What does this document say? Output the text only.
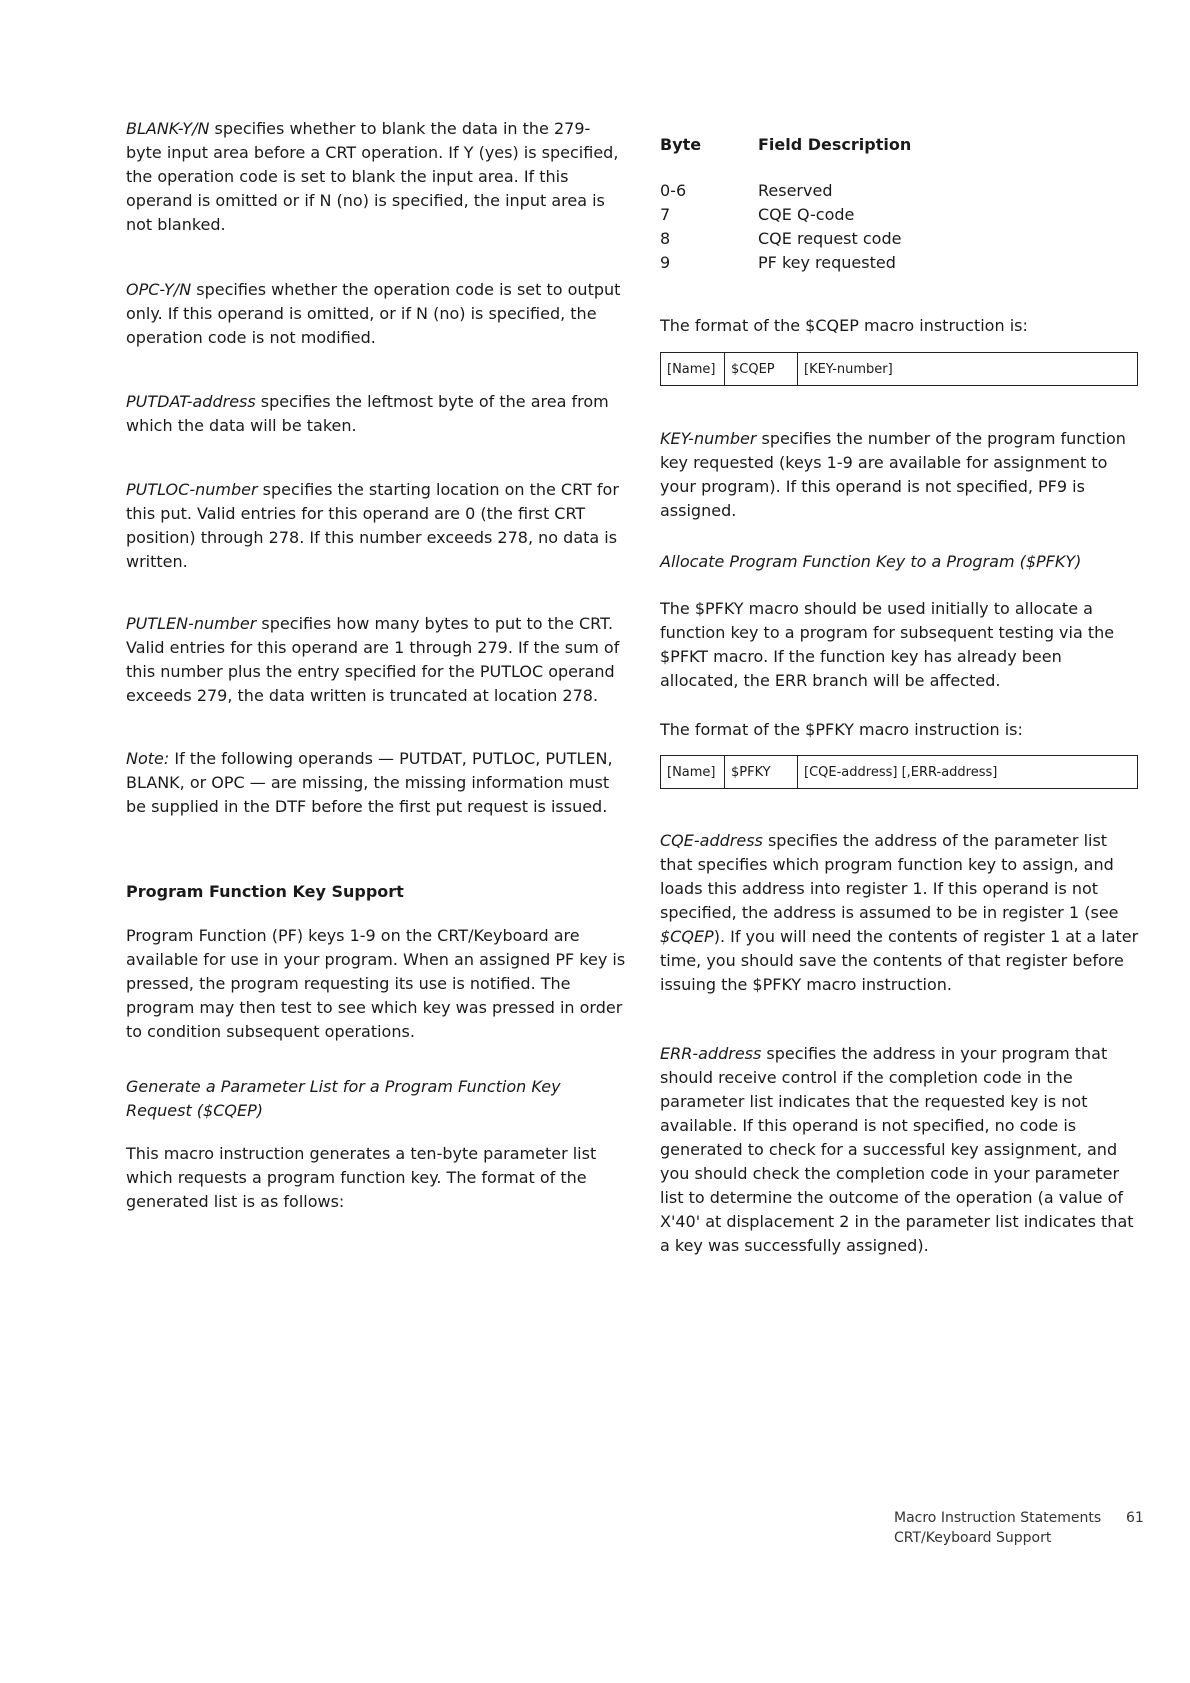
BLANK-Y/N specifies whether to blank the data in the 279-byte input area before a CRT operation. If Y (yes) is specified, the operation code is set to blank the input area. If this operand is omitted or if N (no) is specified, the input area is not blanked.

OPC-Y/N specifies whether the operation code is set to output only. If this operand is omitted, or if N (no) is specified, the operation code is not modified.

PUTDAT-address specifies the leftmost byte of the area from which the data will be taken.

PUTLOC-number specifies the starting location on the CRT for this put. Valid entries for this operand are 0 (the first CRT position) through 278. If this number exceeds 278, no data is written.

PUTLEN-number specifies how many bytes to put to the CRT. Valid entries for this operand are 1 through 279. If the sum of this number plus the entry specified for the PUTLOC operand exceeds 279, the data written is truncated at location 278.

Note: If the following operands — PUTDAT, PUTLOC, PUTLEN, BLANK, or OPC — are missing, the missing information must be supplied in the DTF before the first put request is issued.

Program Function Key Support

Program Function (PF) keys 1-9 on the CRT/Keyboard are available for use in your program. When an assigned PF key is pressed, the program requesting its use is notified. The program may then test to see which key was pressed in order to condition subsequent operations.

Generate a Parameter List for a Program Function Key Request ($CQEP)

This macro instruction generates a ten-byte parameter list which requests a program function key. The format of the generated list is as follows:

Byte	Field Description
0-6	Reserved
7	CQE Q-code
8	CQE request code
9	PF key requested

The format of the $CQEP macro instruction is:

[Name]	$CQEP	[KEY-number]

KEY-number specifies the number of the program function key requested (keys 1-9 are available for assignment to your program). If this operand is not specified, PF9 is assigned.

Allocate Program Function Key to a Program ($PFKY)

The $PFKY macro should be used initially to allocate a function key to a program for subsequent testing via the $PFKT macro. If the function key has already been allocated, the ERR branch will be affected.

The format of the $PFKY macro instruction is:

[Name]	$PFKY	[CQE-address] [,ERR-address]

CQE-address specifies the address of the parameter list that specifies which program function key to assign, and loads this address into register 1. If this operand is not specified, the address is assumed to be in register 1 (see $CQEP). If you will need the contents of register 1 at a later time, you should save the contents of that register before issuing the $PFKY macro instruction.

ERR-address specifies the address in your program that should receive control if the completion code in the parameter list indicates that the requested key is not available. If this operand is not specified, no code is generated to check for a successful key assignment, and you should check the completion code in your parameter list to determine the outcome of the operation (a value of X'40' at displacement 2 in the parameter list indicates that a key was successfully assigned).

Macro Instruction Statements
CRT/Keyboard Support
61
